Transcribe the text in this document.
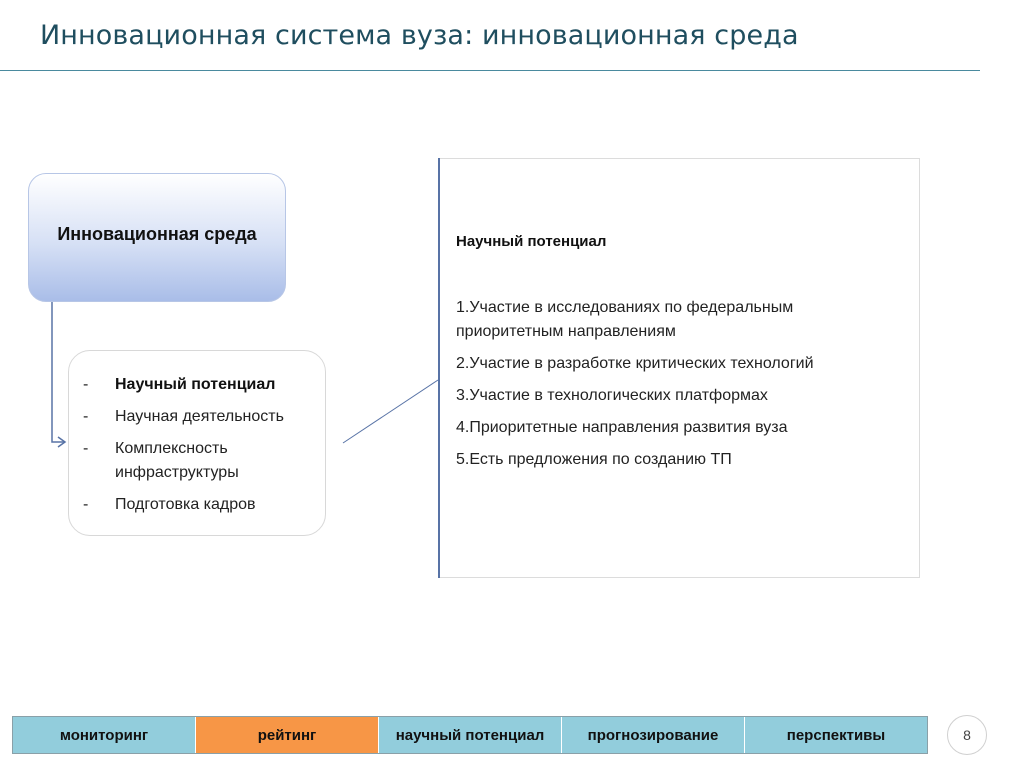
Инновационная система вуза: инновационная среда
Инновационная среда
-	Научный потенциал
-	Научная деятельность
-	Комплексность инфраструктуры
-	Подготовка кадров
Научный потенциал
1.Участие в исследованиях по федеральным приоритетным направлениям
2.Участие в разработке критических технологий
3.Участие в технологических платформах
4.Приоритетные направления развития вуза
5.Есть предложения по созданию ТП
мониторинг	рейтинг	научный потенциал	прогнозирование	перспективы	8
